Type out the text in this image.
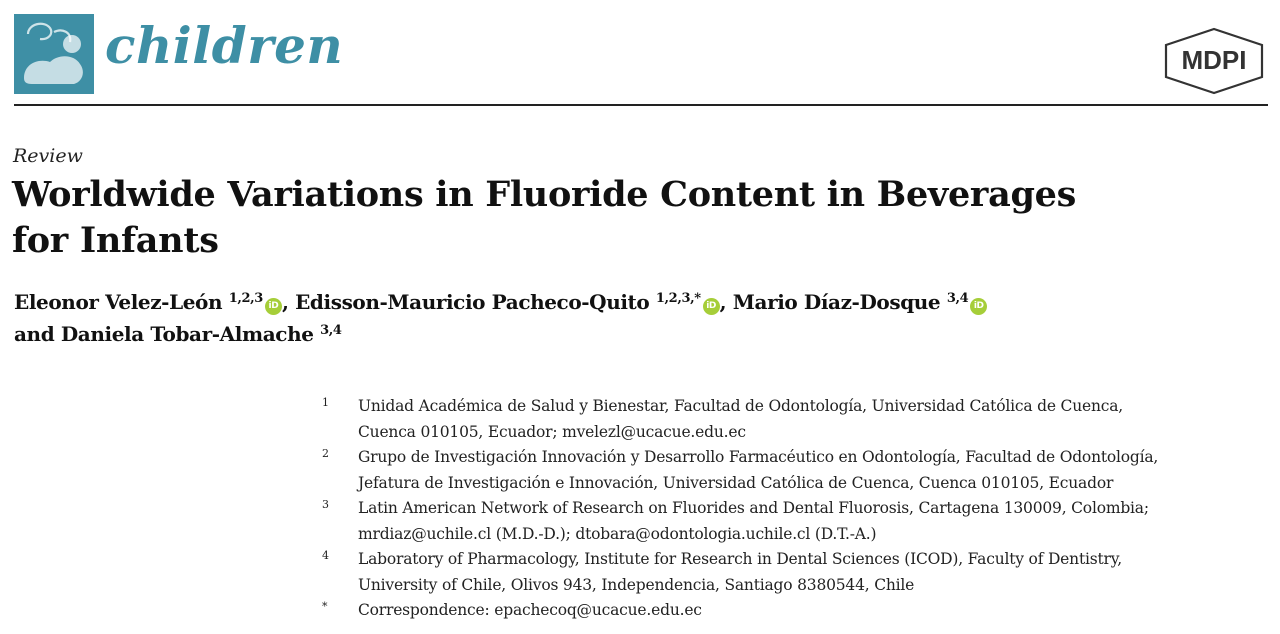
children	MDPI
Review
Worldwide Variations in Fluoride Content in Beverages
for Infants
Eleonor Velez-León $^{1,2,3}$ iD , Edisson-Mauricio Pacheco-Quito $^{1,2,3,*}$ iD , Mario Díaz-Dosque $^{3,4}$ iD
and Daniela Tobar-Almache $^{3,4}$
1 Unidad Académica de Salud y Bienestar, Facultad de Odontología, Universidad Católica de Cuenca,
Cuenca 010105, Ecuador; mvelezl@ucacue.edu.ec
2 Grupo de Investigación Innovación y Desarrollo Farmacéutico en Odontología, Facultad de Odontología,
Jefatura de Investigación e Innovación, Universidad Católica de Cuenca, Cuenca 010105, Ecuador
3 Latin American Network of Research on Fluorides and Dental Fluorosis, Cartagena 130009, Colombia;
mrdiaz@uchile.cl (M.D.-D.); dtobara@odontologia.uchile.cl (D.T.-A.)
4 Laboratory of Pharmacology, Institute for Research in Dental Sciences (ICOD), Faculty of Dentistry,
University of Chile, Olivos 943, Independencia, Santiago 8380544, Chile
* Correspondence: epachecoq@ucacue.edu.ec
